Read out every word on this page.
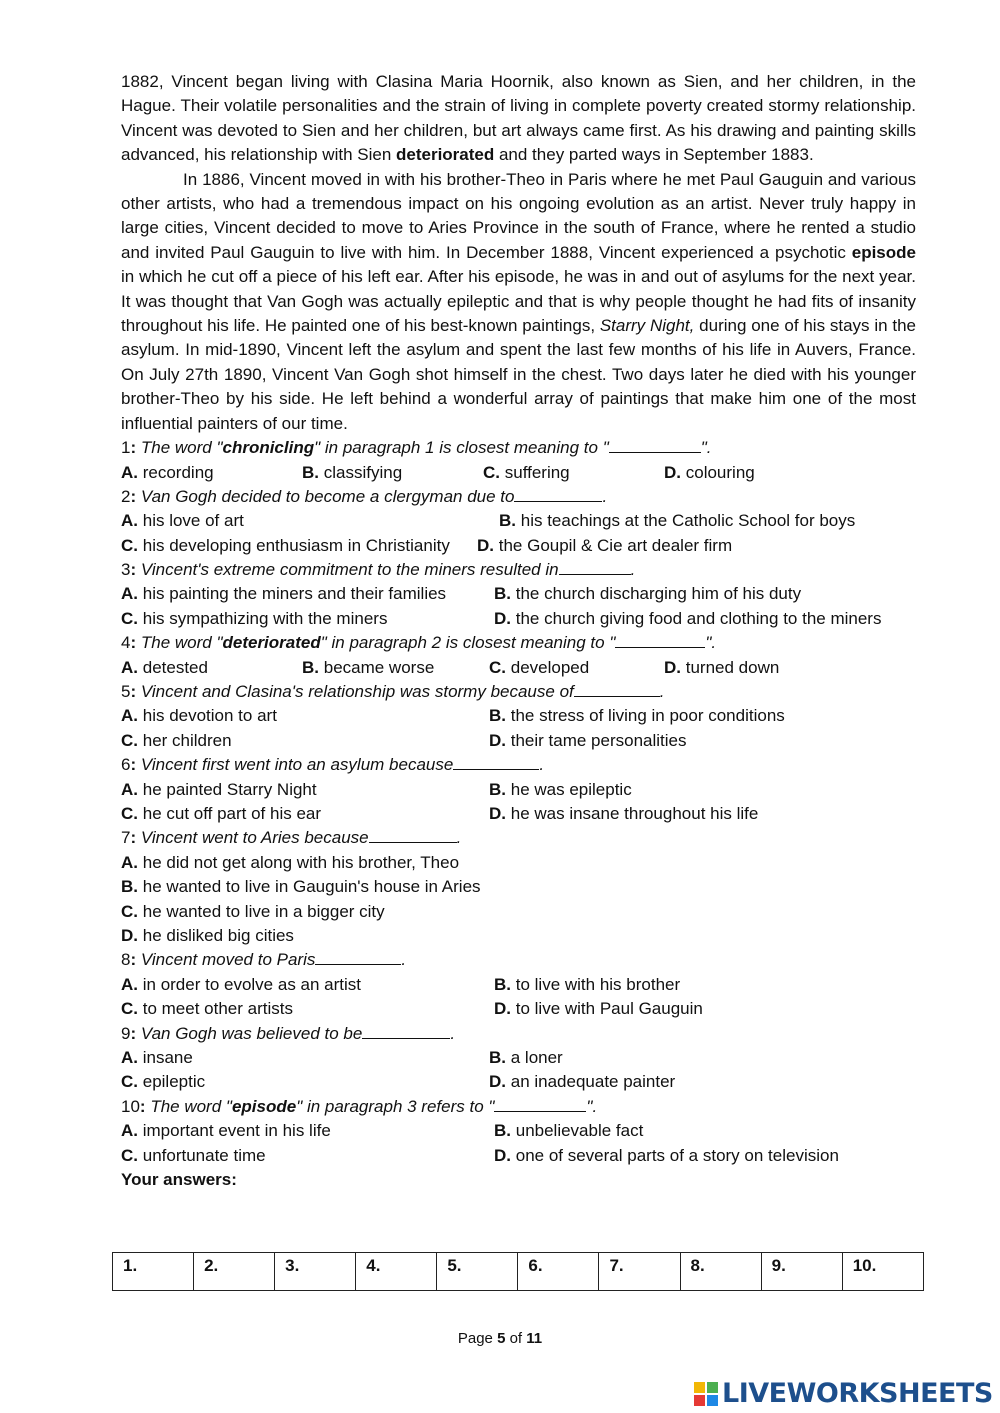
1882, Vincent began living with Clasina Maria Hoornik, also known as Sien, and her children, in the Hague. Their volatile personalities and the strain of living in complete poverty created stormy relationship. Vincent was devoted to Sien and her children, but art always came first. As his drawing and painting skills advanced, his relationship with Sien deteriorated and they parted ways in September 1883.

In 1886, Vincent moved in with his brother-Theo in Paris where he met Paul Gauguin and various other artists, who had a tremendous impact on his ongoing evolution as an artist. Never truly happy in large cities, Vincent decided to move to Aries Province in the south of France, where he rented a studio and invited Paul Gauguin to live with him. In December 1888, Vincent experienced a psychotic episode in which he cut off a piece of his left ear. After his episode, he was in and out of asylums for the next year. It was thought that Van Gogh was actually epileptic and that is why people thought he had fits of insanity throughout his life. He painted one of his best-known paintings, Starry Night, during one of his stays in the asylum. In mid-1890, Vincent left the asylum and spent the last few months of his life in Auvers, France. On July 27th 1890, Vincent Van Gogh shot himself in the chest. Two days later he died with his younger brother-Theo by his side. He left behind a wonderful array of paintings that make him one of the most influential painters of our time.

1: The word "chronicling" in paragraph 1 is closest meaning to "	".

A. recording	B. classifying	C. suffering	D. colouring

2: Van Gogh decided to become a clergyman due to	.

A. his love of art	B. his teachings at the Catholic School for boys
C. his developing enthusiasm in Christianity D. the Goupil & Cie art dealer firm

3: Vincent's extreme commitment to the miners resulted in	.

A. his painting the miners and their families	B. the church discharging him of his duty
C. his sympathizing with the miners	D. the church giving food and clothing to the miners

4: The word "deteriorated" in paragraph 2 is closest meaning to "	".

A. detested	B. became worse	C. developed	D. turned down

5: Vincent and Clasina's relationship was stormy because of	.

A. his devotion to art	B. the stress of living in poor conditions
C. her children	D. their tame personalities

6: Vincent first went into an asylum because	.

A. he painted Starry Night	B. he was epileptic
C. he cut off part of his ear	D. he was insane throughout his life

7: Vincent went to Aries because	.

A. he did not get along with his brother, Theo
B. he wanted to live in Gauguin's house in Aries
C. he wanted to live in a bigger city
D. he disliked big cities

8: Vincent moved to Paris	.

A. in order to evolve as an artist	B. to live with his brother
C. to meet other artists	D. to live with Paul Gauguin

9: Van Gogh was believed to be	.

A. insane	B. a loner
C. epileptic	D. an inadequate painter

10: The word "episode" in paragraph 3 refers to "	".

A. important event in his life	B. unbelievable fact
C. unfortunate time	D. one of several parts of a story on television

Your answers:

1.	2.	3.	4.	5.	6.	7.	8.	9.	10.
Page 5 of 11
LIVEWORKSHEETS
